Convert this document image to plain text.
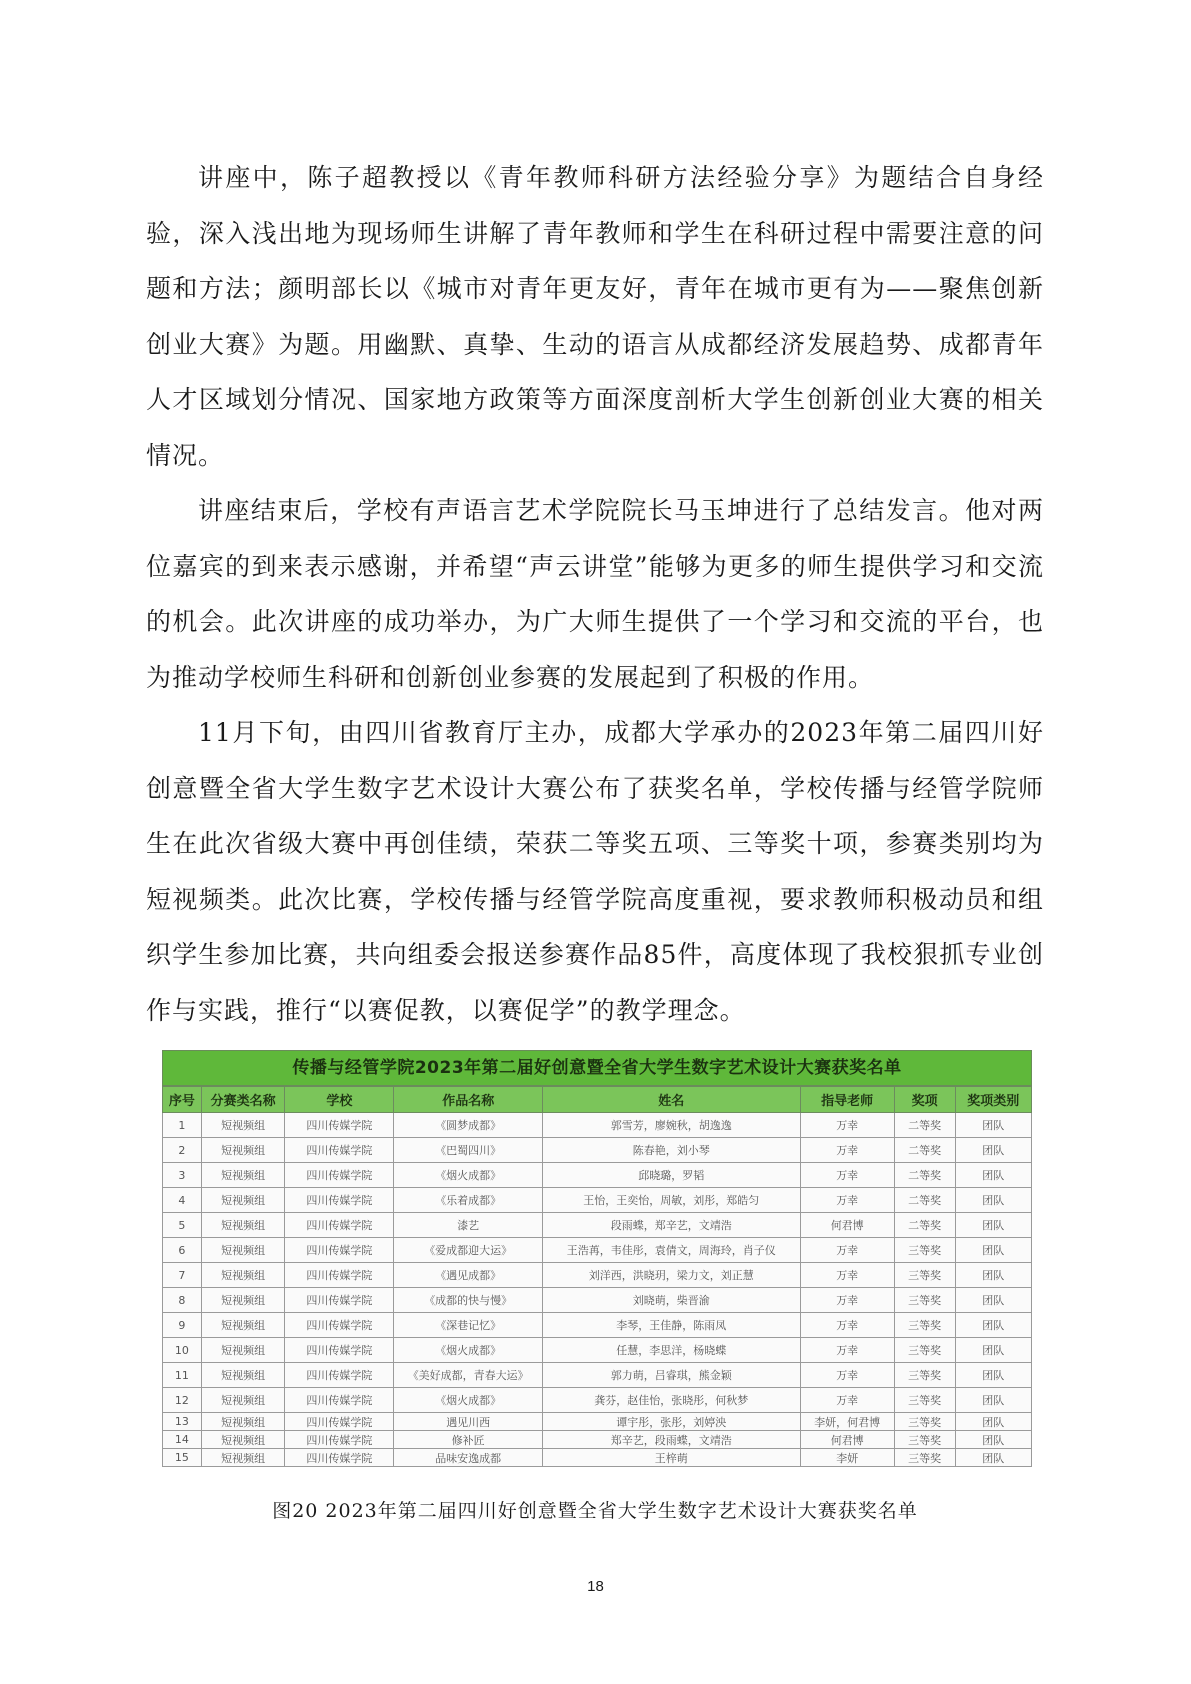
讲座中，陈子超教授以《青年教师科研方法经验分享》为题结合自身经验，深入浅出地为现场师生讲解了青年教师和学生在科研过程中需要注意的问题和方法；颜明部长以《城市对青年更友好，青年在城市更有为——聚焦创新创业大赛》为题。用幽默、真挚、生动的语言从成都经济发展趋势、成都青年人才区域划分情况、国家地方政策等方面深度剖析大学生创新创业大赛的相关情况。

讲座结束后，学校有声语言艺术学院院长马玉坤进行了总结发言。他对两位嘉宾的到来表示感谢，并希望“声云讲堂”能够为更多的师生提供学习和交流的机会。此次讲座的成功举办，为广大师生提供了一个学习和交流的平台，也为推动学校师生科研和创新创业参赛的发展起到了积极的作用。

11月下旬，由四川省教育厅主办，成都大学承办的2023年第二届四川好创意暨全省大学生数字艺术设计大赛公布了获奖名单，学校传播与经管学院师生在此次省级大赛中再创佳绩，荣获二等奖五项、三等奖十项，参赛类别均为短视频类。此次比赛，学校传播与经管学院高度重视，要求教师积极动员和组织学生参加比赛，共向组委会报送参赛作品85件，高度体现了我校狠抓专业创作与实践，推行“以赛促教，以赛促学”的教学理念。

传播与经管学院2023年第二届好创意暨全省大学生数字艺术设计大赛获奖名单
序号	分赛类名称	学校	作品名称	姓名	指导老师	奖项	奖项类别
1	短视频组	四川传媒学院	《圆梦成都》	郭雪芳，廖婉秋，胡逸逸	万幸	二等奖	团队
2	短视频组	四川传媒学院	《巴蜀四川》	陈春艳，刘小琴	万幸	二等奖	团队
3	短视频组	四川传媒学院	《烟火成都》	邱晓璐，罗韬	万幸	二等奖	团队
4	短视频组	四川传媒学院	《乐着成都》	王怡，王奕怡，周敏，刘彤，郑皓匀	万幸	二等奖	团队
5	短视频组	四川传媒学院	漆艺	段雨蝶，郑辛艺，文靖浩	何君博	二等奖	团队
6	短视频组	四川传媒学院	《爱成都迎大运》	王浩苒，韦佳彤，袁倩文，周海玲，肖子仪	万幸	三等奖	团队
7	短视频组	四川传媒学院	《遇见成都》	刘洋西，洪晓玥，梁力文，刘正慧	万幸	三等奖	团队
8	短视频组	四川传媒学院	《成都的快与慢》	刘晓萌，柴晋渝	万幸	三等奖	团队
9	短视频组	四川传媒学院	《深巷记忆》	李琴，王佳静，陈雨凤	万幸	三等奖	团队
10	短视频组	四川传媒学院	《烟火成都》	任慧，李思洋，杨晓蝶	万幸	三等奖	团队
11	短视频组	四川传媒学院	《美好成都，青春大运》	郭力萌，吕睿琪，熊金颖	万幸	三等奖	团队
12	短视频组	四川传媒学院	《烟火成都》	龚芬，赵佳怡，张晓彤，何秋梦	万幸	三等奖	团队
13	短视频组	四川传媒学院	遇见川西	谭宇彤，张彤，刘婷泱	李妍，何君博	三等奖	团队
14	短视频组	四川传媒学院	修补匠	郑辛艺，段雨蝶，文靖浩	何君博	三等奖	团队
15	短视频组	四川传媒学院	品味安逸成都	王梓萌	李妍	三等奖	团队
图20 2023年第二届四川好创意暨全省大学生数字艺术设计大赛获奖名单
18
